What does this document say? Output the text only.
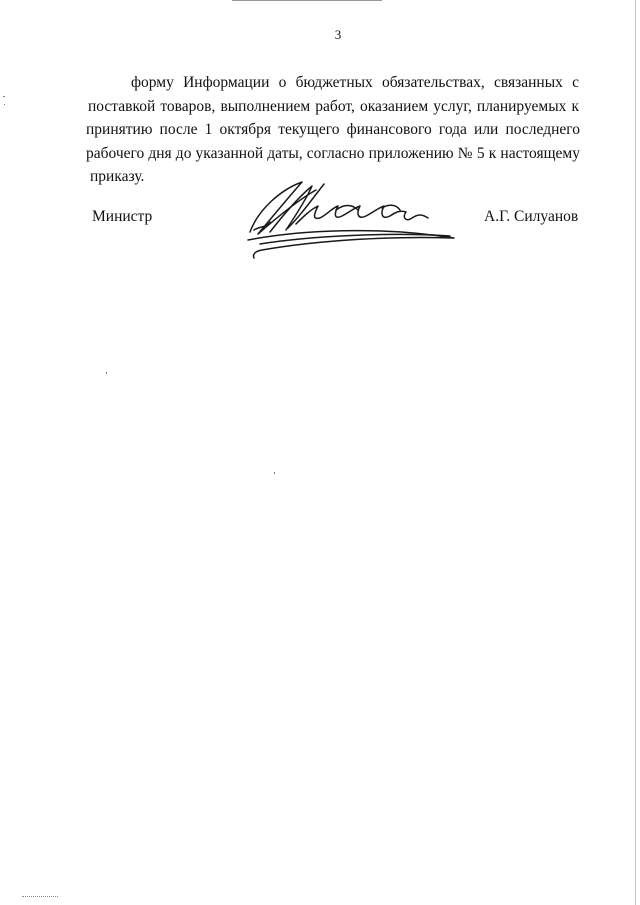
3
форму Информации о бюджетных обязательствах, связанных с
поставкой товаров, выполнением работ, оказанием услуг, планируемых к
принятию после 1 октября текущего финансового года или последнего
рабочего дня до указанной даты, согласно приложению № 5 к настоящему
приказу.
Министр	А.Г. Силуанов
